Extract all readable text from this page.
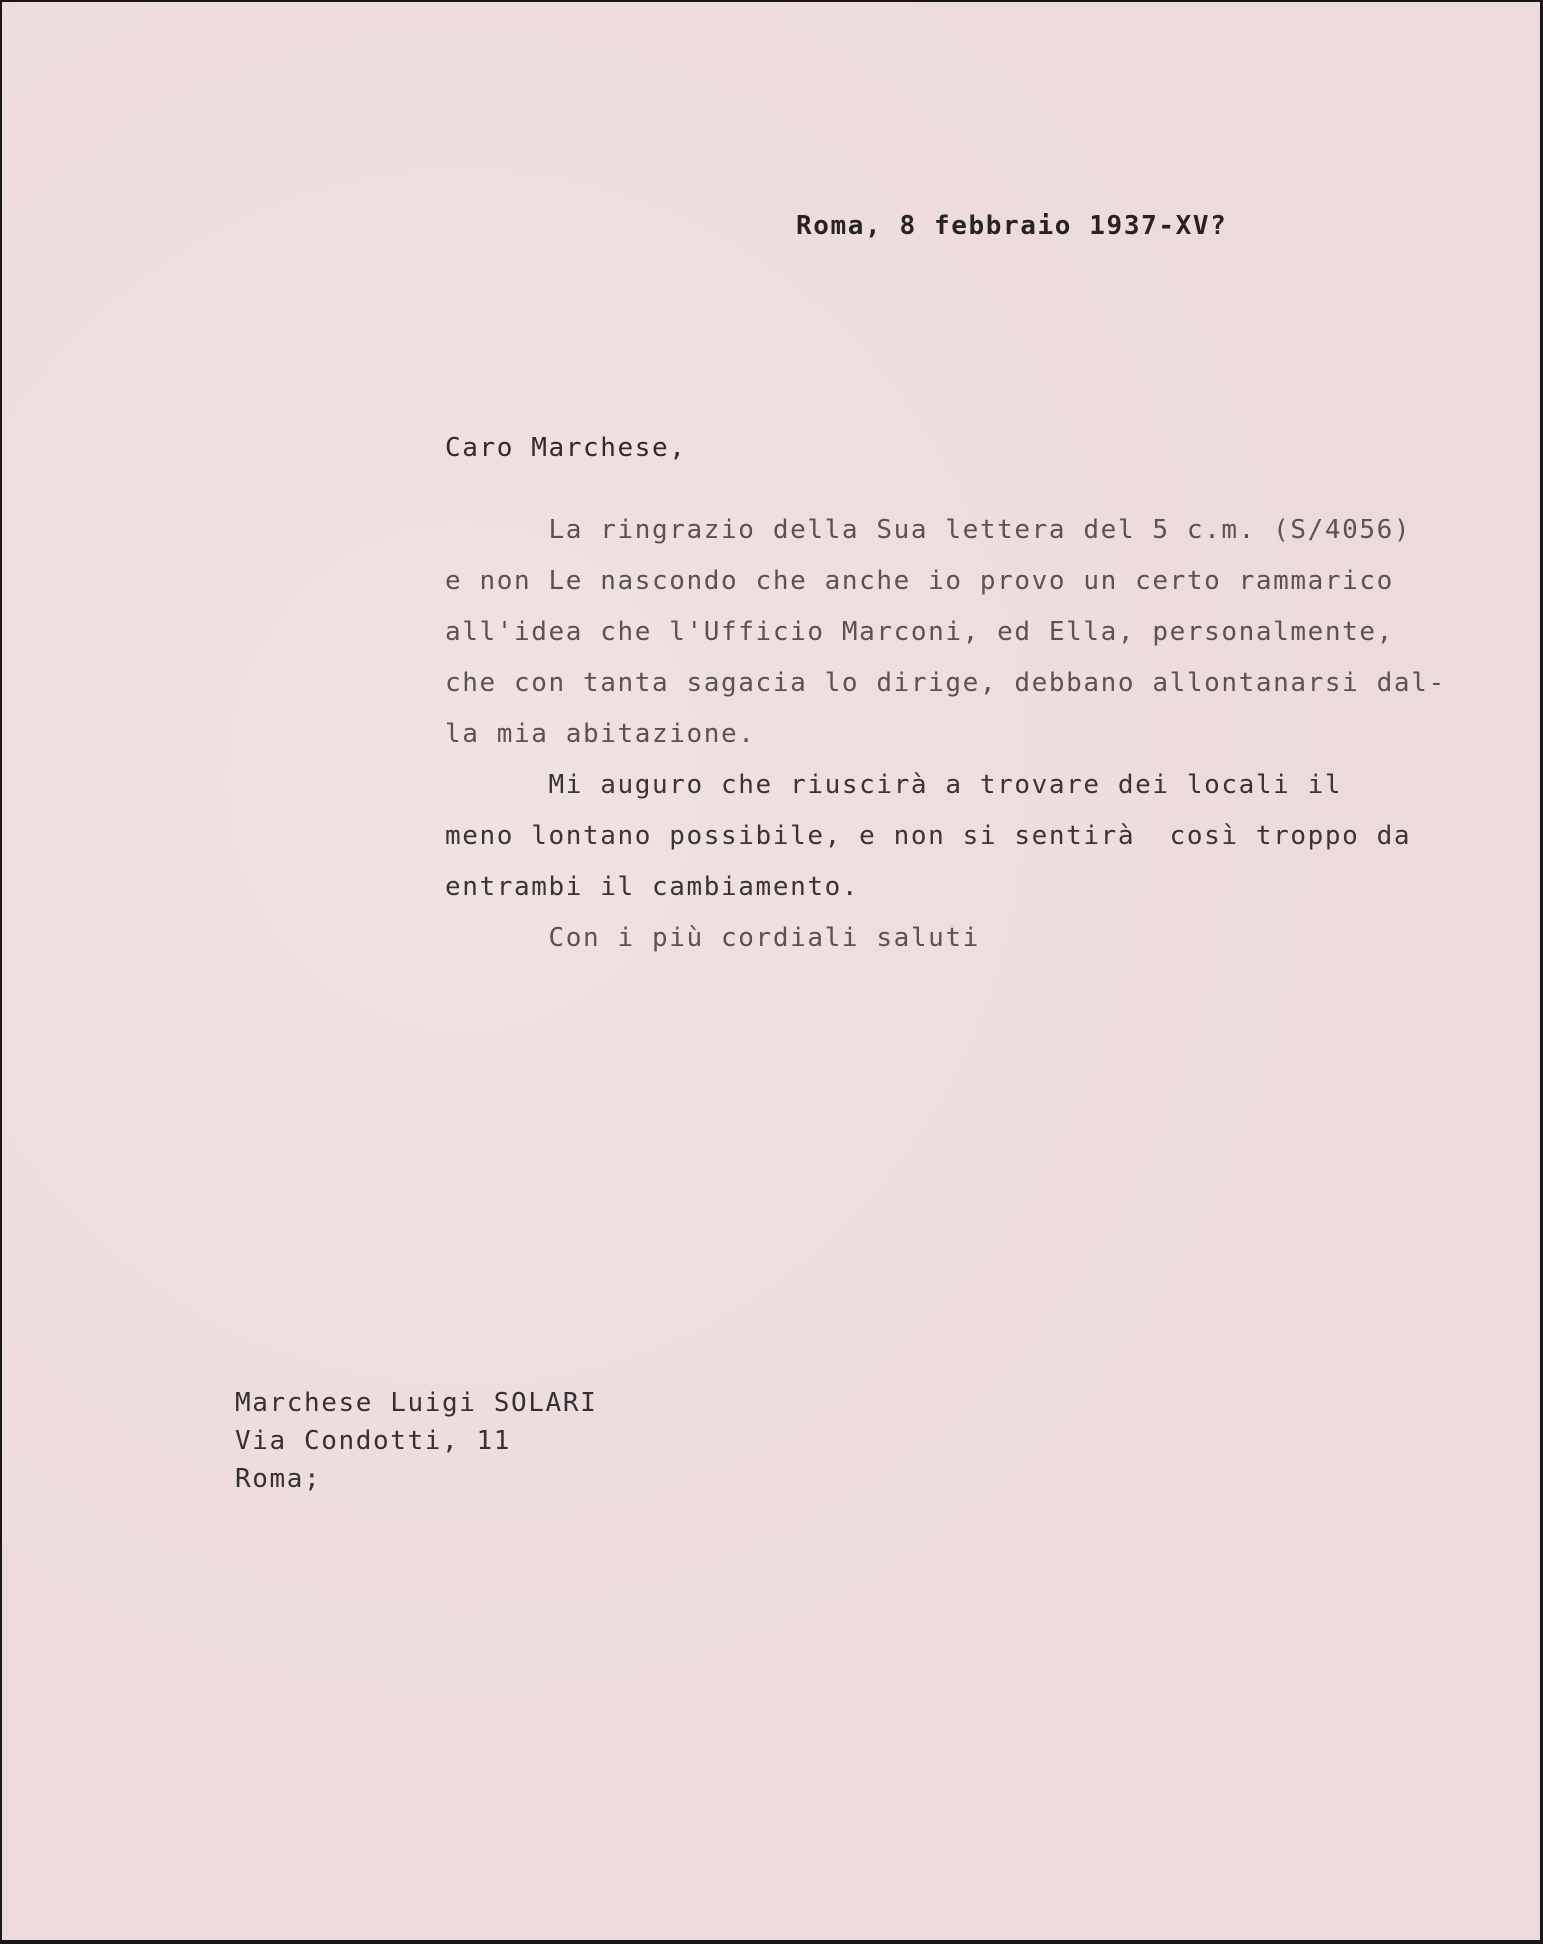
Roma, 8 febbraio 1937-XV?

Caro Marchese,

La ringrazio della Sua lettera del 5 c.m. (S/4056)

e non Le nascondo che anche io provo un certo rammarico

all'idea che l'Ufficio Marconi, ed Ella, personalmente,

che con tanta sagacia lo dirige, debbano allontanarsi dal-

la mia abitazione.

Mi auguro che riuscirà a trovare dei locali il

meno lontano possibile, e non si sentirà  così troppo da

entrambi il cambiamento.

Con i più cordiali saluti

Marchese Luigi SOLARI

Via Condotti, 11

Roma;
